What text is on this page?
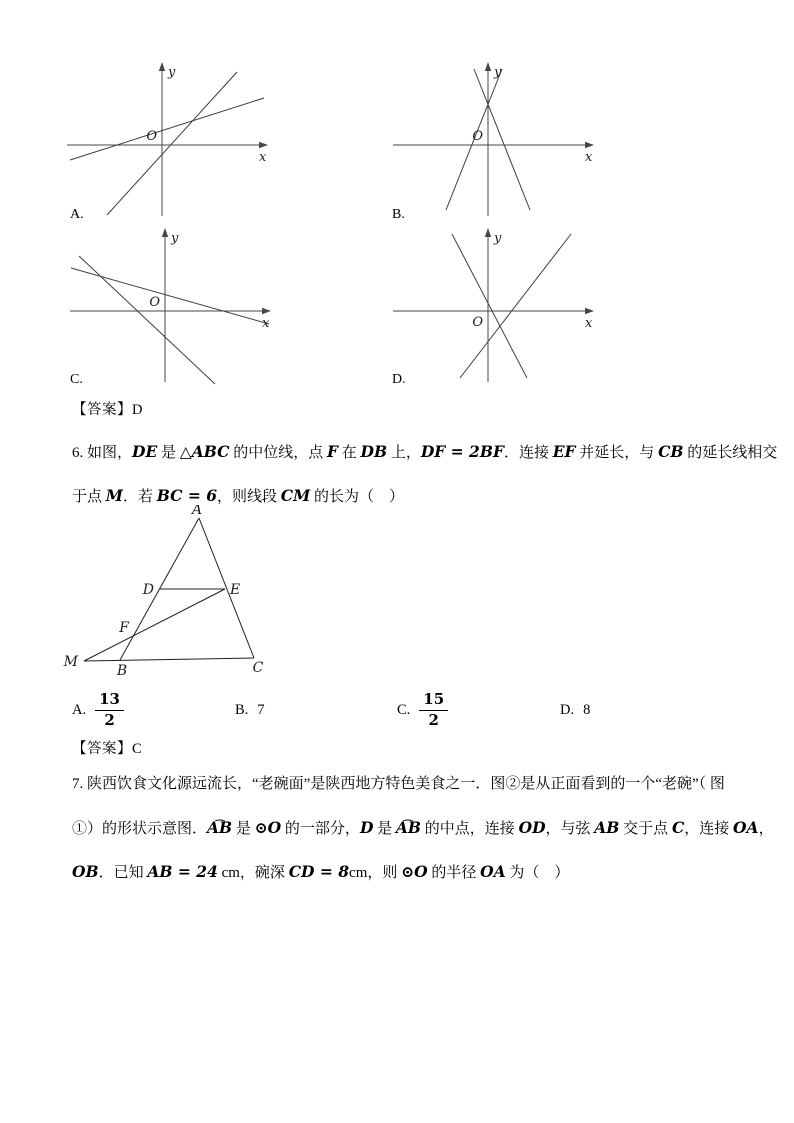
y
x
O
A.
y
x
O
B.
y
x
O
C.
y
x
O
D.
【答案】D
6. 如图，DE 是 △ABC 的中位线，点 F 在 DB 上，DF = 2BF．连接 EF 并延长，与 CB 的延长线相交
于点 M．若 BC = 6，则线段 CM 的长为（　）
A
B	C
D	E
F
M
A. $\frac{13}{2}$	B. 7	C. $\frac{15}{2}$	D. 8
【答案】C
7. 陕西饮食文化源远流长，“老碗面”是陕西地方特色美食之一．图②是从正面看到的一个“老碗”（ 图
①）的形状示意图．⌢ AB 是 ⊙O 的一部分，D 是 ⌢ AB 的中点，连接 OD，与弦 AB 交于点 C，连接 OA，
OB．已知 AB = 24 cm，碗深 CD = 8cm，则 ⊙O 的半径 OA 为（　）
